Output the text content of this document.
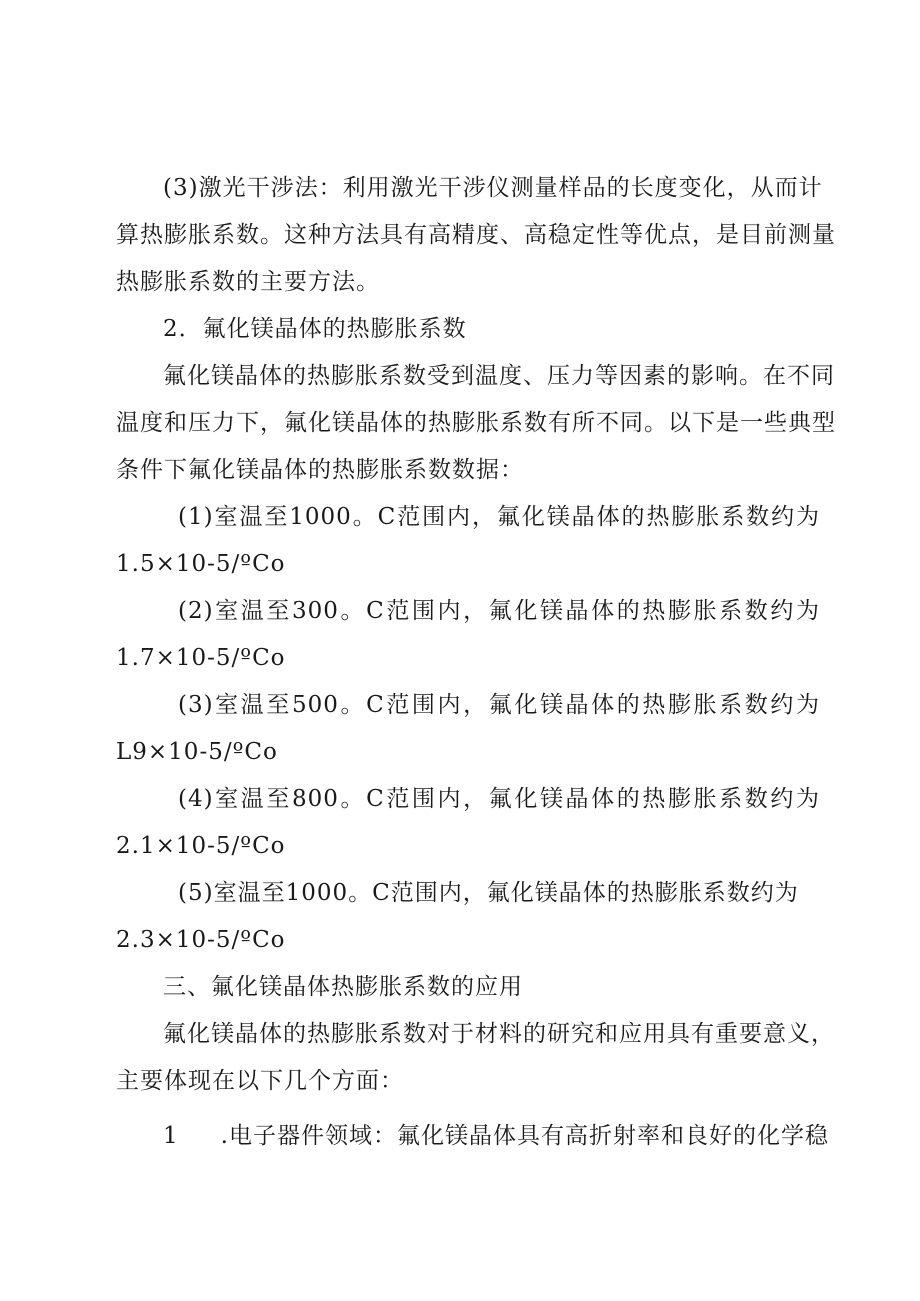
(3)激光干涉法：利用激光干涉仪测量样品的长度变化，从而计
算热膨胀系数。这种方法具有高精度、高稳定性等优点，是目前测量
热膨胀系数的主要方法。
2．氟化镁晶体的热膨胀系数
氟化镁晶体的热膨胀系数受到温度、压力等因素的影响。在不同
温度和压力下，氟化镁晶体的热膨胀系数有所不同。以下是一些典型
条件下氟化镁晶体的热膨胀系数数据：
(1)室温至1000。C范围内，氟化镁晶体的热膨胀系数约为
1.5×10-5/ºCo
(2)室温至300。C范围内，氟化镁晶体的热膨胀系数约为
1.7×10-5/ºCo
(3)室温至500。C范围内，氟化镁晶体的热膨胀系数约为
L9×10-5/ºCo
(4)室温至800。C范围内，氟化镁晶体的热膨胀系数约为
2.1×10-5/ºCo
(5)室温至1000。C范围内，氟化镁晶体的热膨胀系数约为
2.3×10-5/ºCo
三、氟化镁晶体热膨胀系数的应用
氟化镁晶体的热膨胀系数对于材料的研究和应用具有重要意义，
主要体现在以下几个方面：
1 .电子器件领域：氟化镁晶体具有高折射率和良好的化学稳
